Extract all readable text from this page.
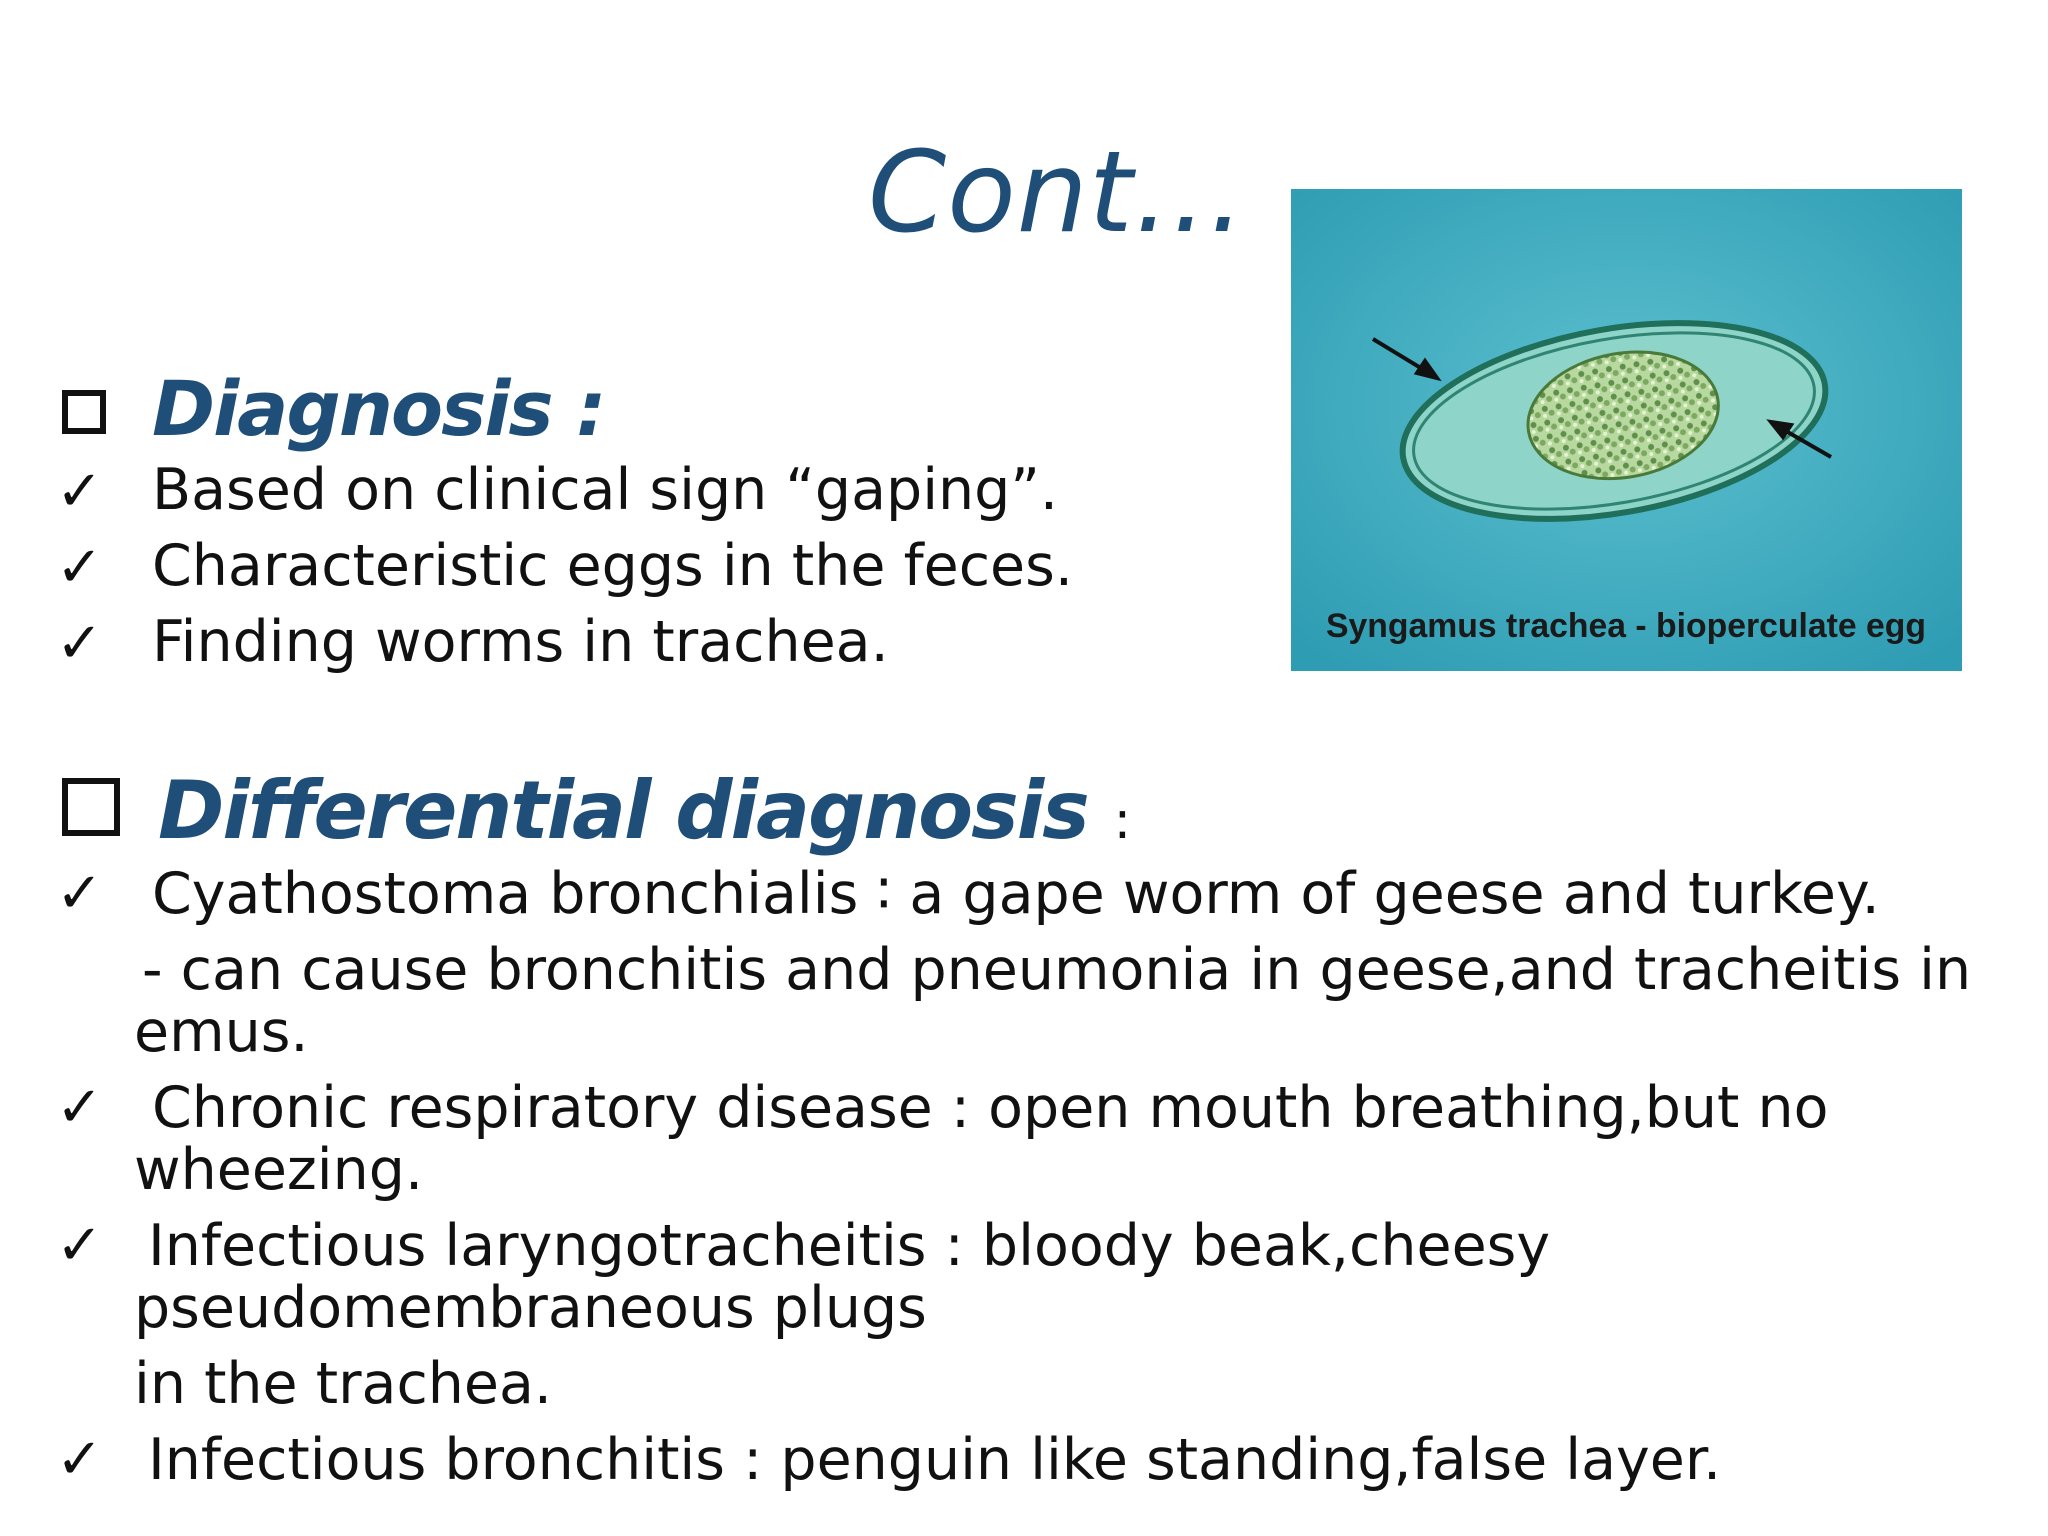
Cont…
Syngamus trachea - bioperculate egg
Diagnosis :
✓ Based on clinical sign “gaping”.
✓ Characteristic eggs in the feces.
✓ Finding worms in trachea.
Differential diagnosis :
✓ Cyathostoma bronchialis ∶ a gape worm of geese and turkey.
- can cause bronchitis and pneumonia in geese,and tracheitis in
emus.
✓ Chronic respiratory disease : open mouth breathing,but no
wheezing.
✓ Infectious laryngotracheitis : bloody beak,cheesy
pseudomembraneous plugs
in the trachea.
✓ Infectious bronchitis : penguin like standing,false layer.
